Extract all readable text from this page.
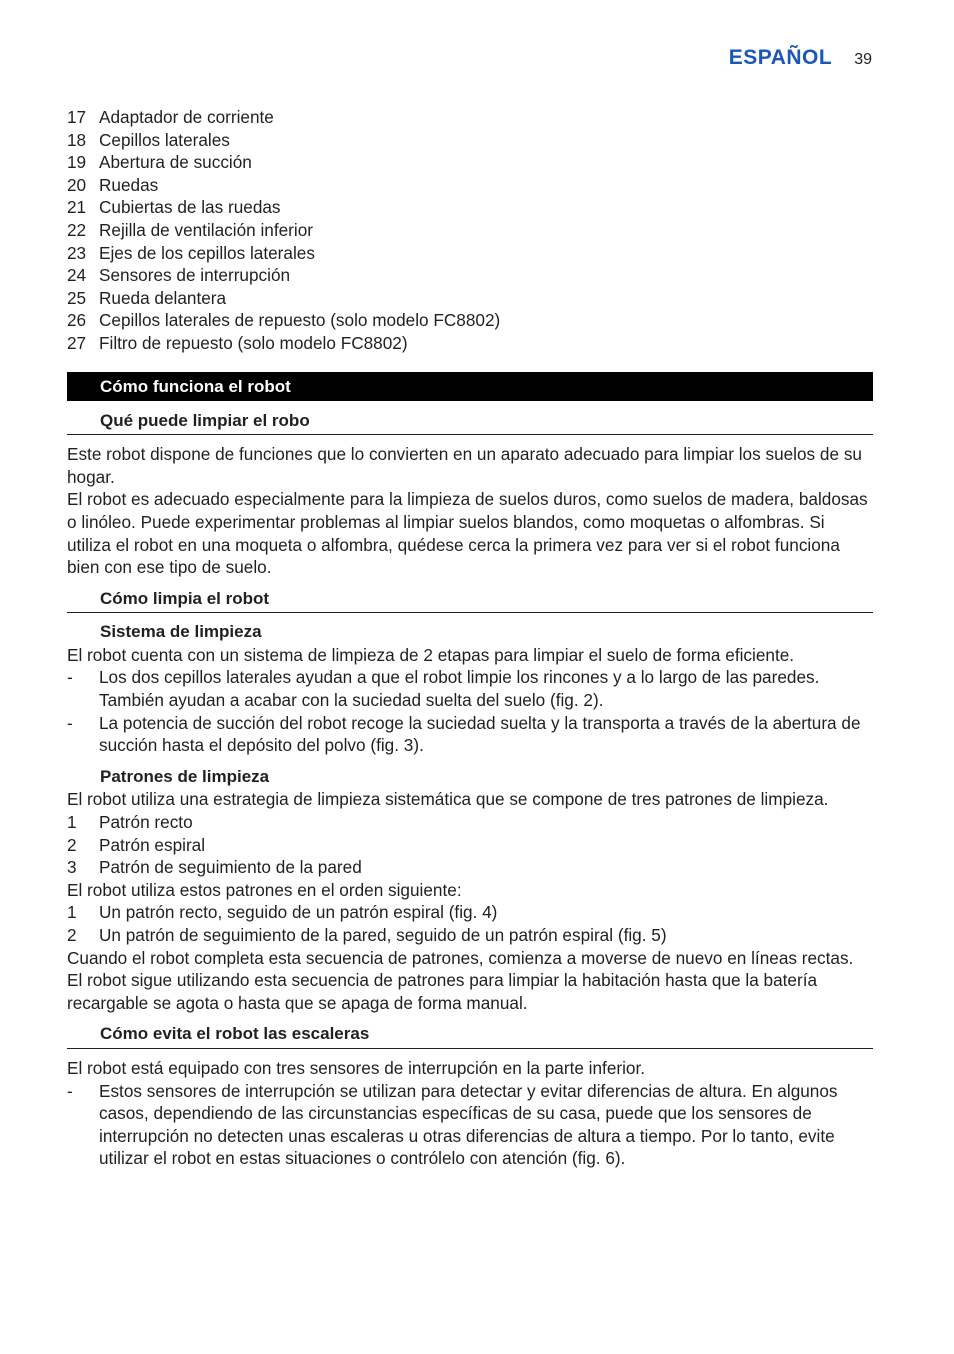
ESPAÑOL 39
17 Adaptador de corriente
18 Cepillos laterales
19 Abertura de succión
20 Ruedas
21 Cubiertas de las ruedas
22 Rejilla de ventilación inferior
23 Ejes de los cepillos laterales
24 Sensores de interrupción
25 Rueda delantera
26 Cepillos laterales de repuesto (solo modelo FC8802)
27 Filtro de repuesto (solo modelo FC8802)
Cómo funciona el robot
Qué puede limpiar el robo

Este robot dispone de funciones que lo convierten en un aparato adecuado para limpiar los suelos de su hogar.

El robot es adecuado especialmente para la limpieza de suelos duros, como suelos de madera, baldosas o linóleo. Puede experimentar problemas al limpiar suelos blandos, como moquetas o alfombras. Si utiliza el robot en una moqueta o alfombra, quédese cerca la primera vez para ver si el robot funciona bien con ese tipo de suelo.

Cómo limpia el robot
Sistema de limpieza

El robot cuenta con un sistema de limpieza de 2 etapas para limpiar el suelo de forma eficiente.

-	Los dos cepillos laterales ayudan a que el robot limpie los rincones y a lo largo de las paredes. También ayudan a acabar con la suciedad suelta del suelo (fig. 2).
-	La potencia de succión del robot recoge la suciedad suelta y la transporta a través de la abertura de succión hasta el depósito del polvo (fig. 3).
Patrones de limpieza

El robot utiliza una estrategia de limpieza sistemática que se compone de tres patrones de limpieza.

1	Patrón recto
2	Patrón espiral
3	Patrón de seguimiento de la pared

El robot utiliza estos patrones en el orden siguiente:

1	Un patrón recto, seguido de un patrón espiral (fig. 4)
2	Un patrón de seguimiento de la pared, seguido de un patrón espiral (fig. 5)

Cuando el robot completa esta secuencia de patrones, comienza a moverse de nuevo en líneas rectas. El robot sigue utilizando esta secuencia de patrones para limpiar la habitación hasta que la batería recargable se agota o hasta que se apaga de forma manual.

Cómo evita el robot las escaleras

El robot está equipado con tres sensores de interrupción en la parte inferior.

-	Estos sensores de interrupción se utilizan para detectar y evitar diferencias de altura. En algunos casos, dependiendo de las circunstancias específicas de su casa, puede que los sensores de interrupción no detecten unas escaleras u otras diferencias de altura a tiempo. Por lo tanto, evite utilizar el robot en estas situaciones o contrólelo con atención (fig. 6).
